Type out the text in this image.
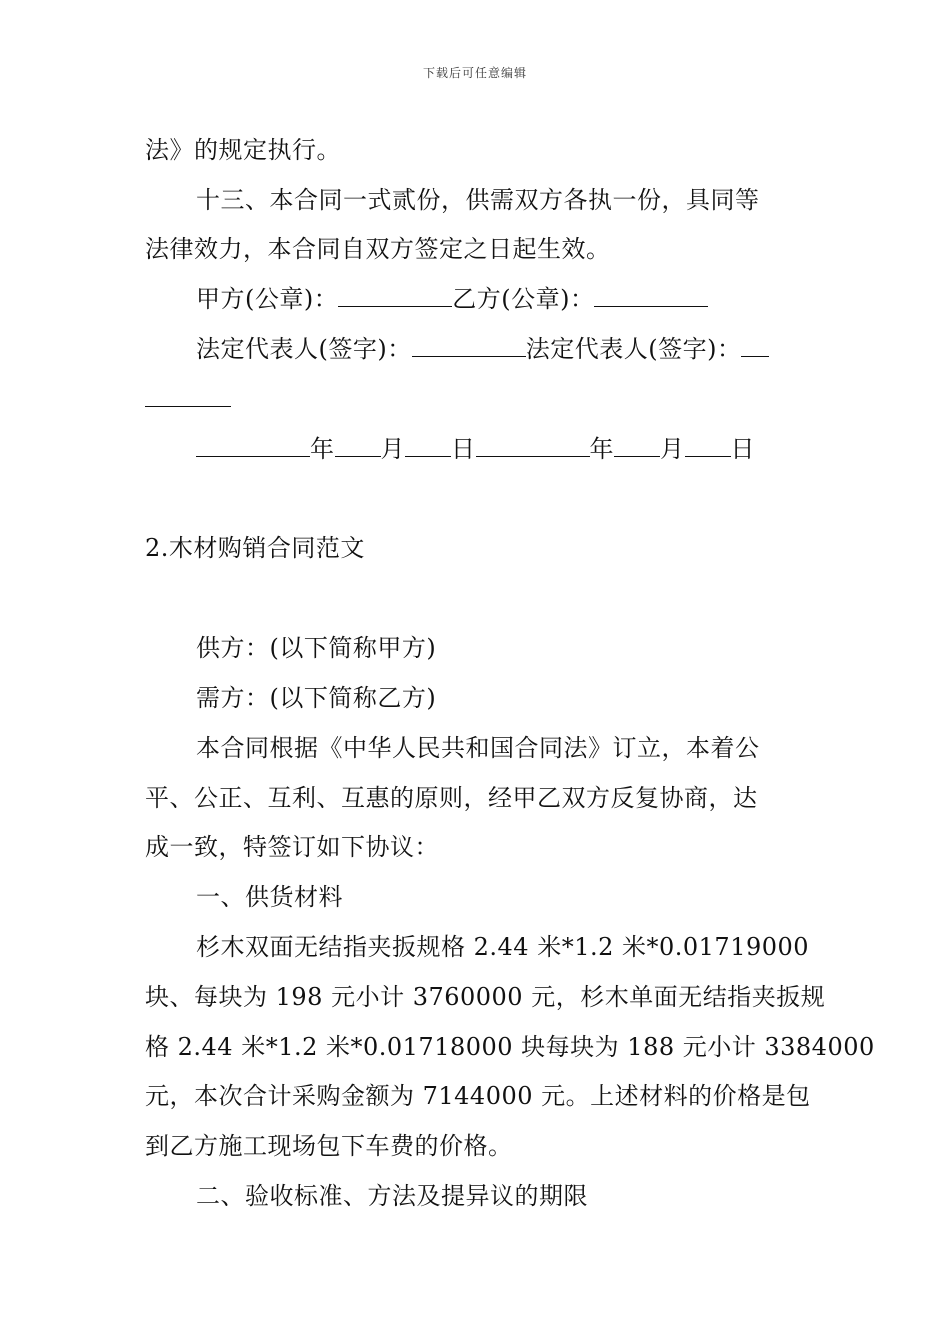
下载后可任意编辑
法》的规定执行。
十三、本合同一式贰份，供需双方各执一份，具同等
法律效力，本合同自双方签定之日起生效。
甲方(公章)：	乙方(公章)：
法定代表人(签字)：	法定代表人(签字)：
年 月 日	年 月 日
2.木材购销合同范文
供方：(以下简称甲方)
需方：(以下简称乙方)
本合同根据《中华人民共和国合同法》订立，本着公
平、公正、互利、互惠的原则，经甲乙双方反复协商，达
成一致，特签订如下协议：
一、供货材料
杉木双面无结指夹扳规格 2.44 米*1.2 米*0.01719000
块、每块为 198 元小计 3760000 元，杉木单面无结指夹扳规
格 2.44 米*1.2 米*0.01718000 块每块为 188 元小计 3384000
元，本次合计采购金额为 7144000 元。上述材料的价格是包
到乙方施工现场包下车费的价格。
二、验收标准、方法及提异议的期限
